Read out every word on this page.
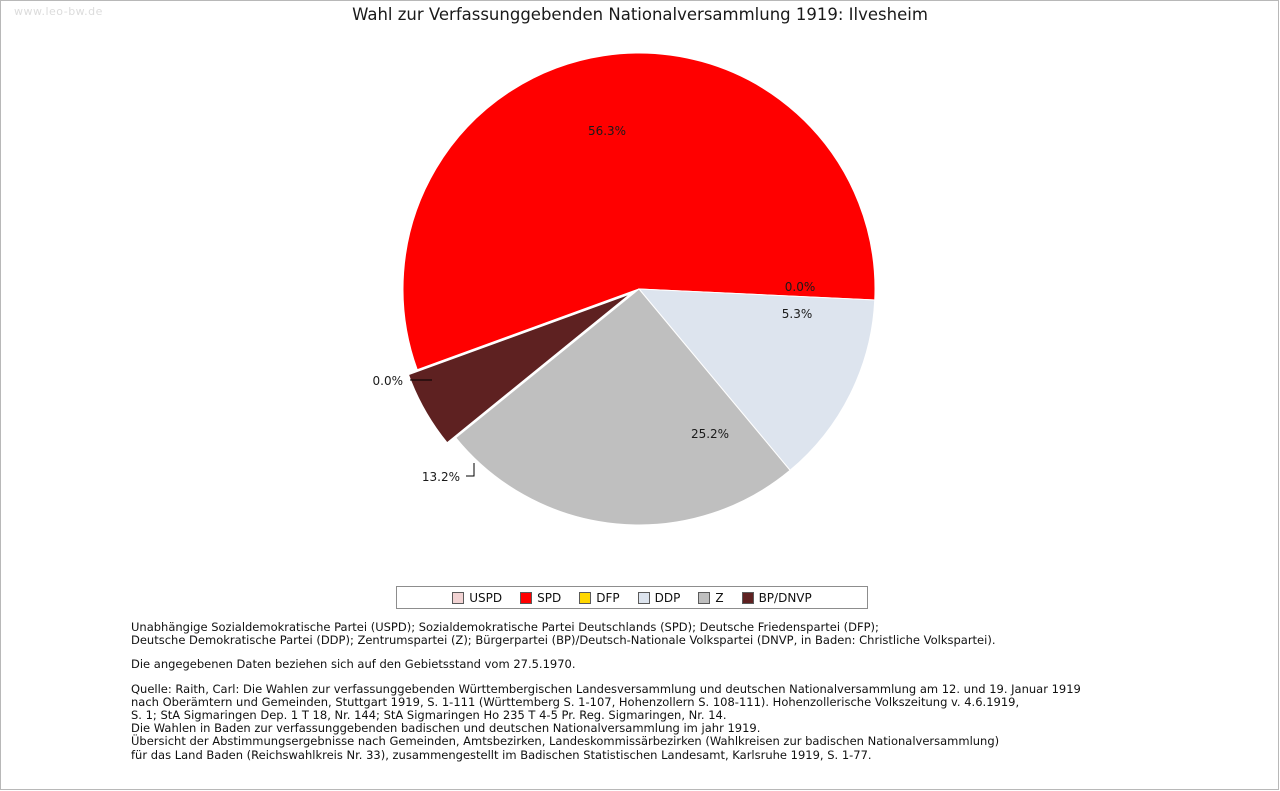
www.leo-bw.de	Wahl zur Verfassunggebenden Nationalversammlung 1919: Ilvesheim
0.0%
56.3%
0.0%
13.2%
25.2%
5.3%
USPD	SPD	DFP	DDP	Z	BP/DNVP
Unabhängige Sozialdemokratische Partei (USPD); Sozialdemokratische Partei Deutschlands (SPD); Deutsche Friedenspartei (DFP);
Deutsche Demokratische Partei (DDP); Zentrumspartei (Z); Bürgerpartei (BP)/Deutsch-Nationale Volkspartei (DNVP, in Baden: Christliche Volkspartei).
Die angegebenen Daten beziehen sich auf den Gebietsstand vom 27.5.1970.
Quelle: Raith, Carl: Die Wahlen zur verfassunggebenden Württembergischen Landesversammlung und deutschen Nationalversammlung am 12. und 19. Januar 1919
nach Oberämtern und Gemeinden, Stuttgart 1919, S. 1-111 (Württemberg S. 1-107, Hohenzollern S. 108-111). Hohenzollerische Volkszeitung v. 4.6.1919,
S. 1; StA Sigmaringen Dep. 1 T 18, Nr. 144; StA Sigmaringen Ho 235 T 4-5 Pr. Reg. Sigmaringen, Nr. 14.
Die Wahlen in Baden zur verfassunggebenden badischen und deutschen Nationalversammlung im jahr 1919.
Übersicht der Abstimmungsergebnisse nach Gemeinden, Amtsbezirken, Landeskommissärbezirken (Wahlkreisen zur badischen Nationalversammlung)
für das Land Baden (Reichswahlkreis Nr. 33), zusammengestellt im Badischen Statistischen Landesamt, Karlsruhe 1919, S. 1-77.
